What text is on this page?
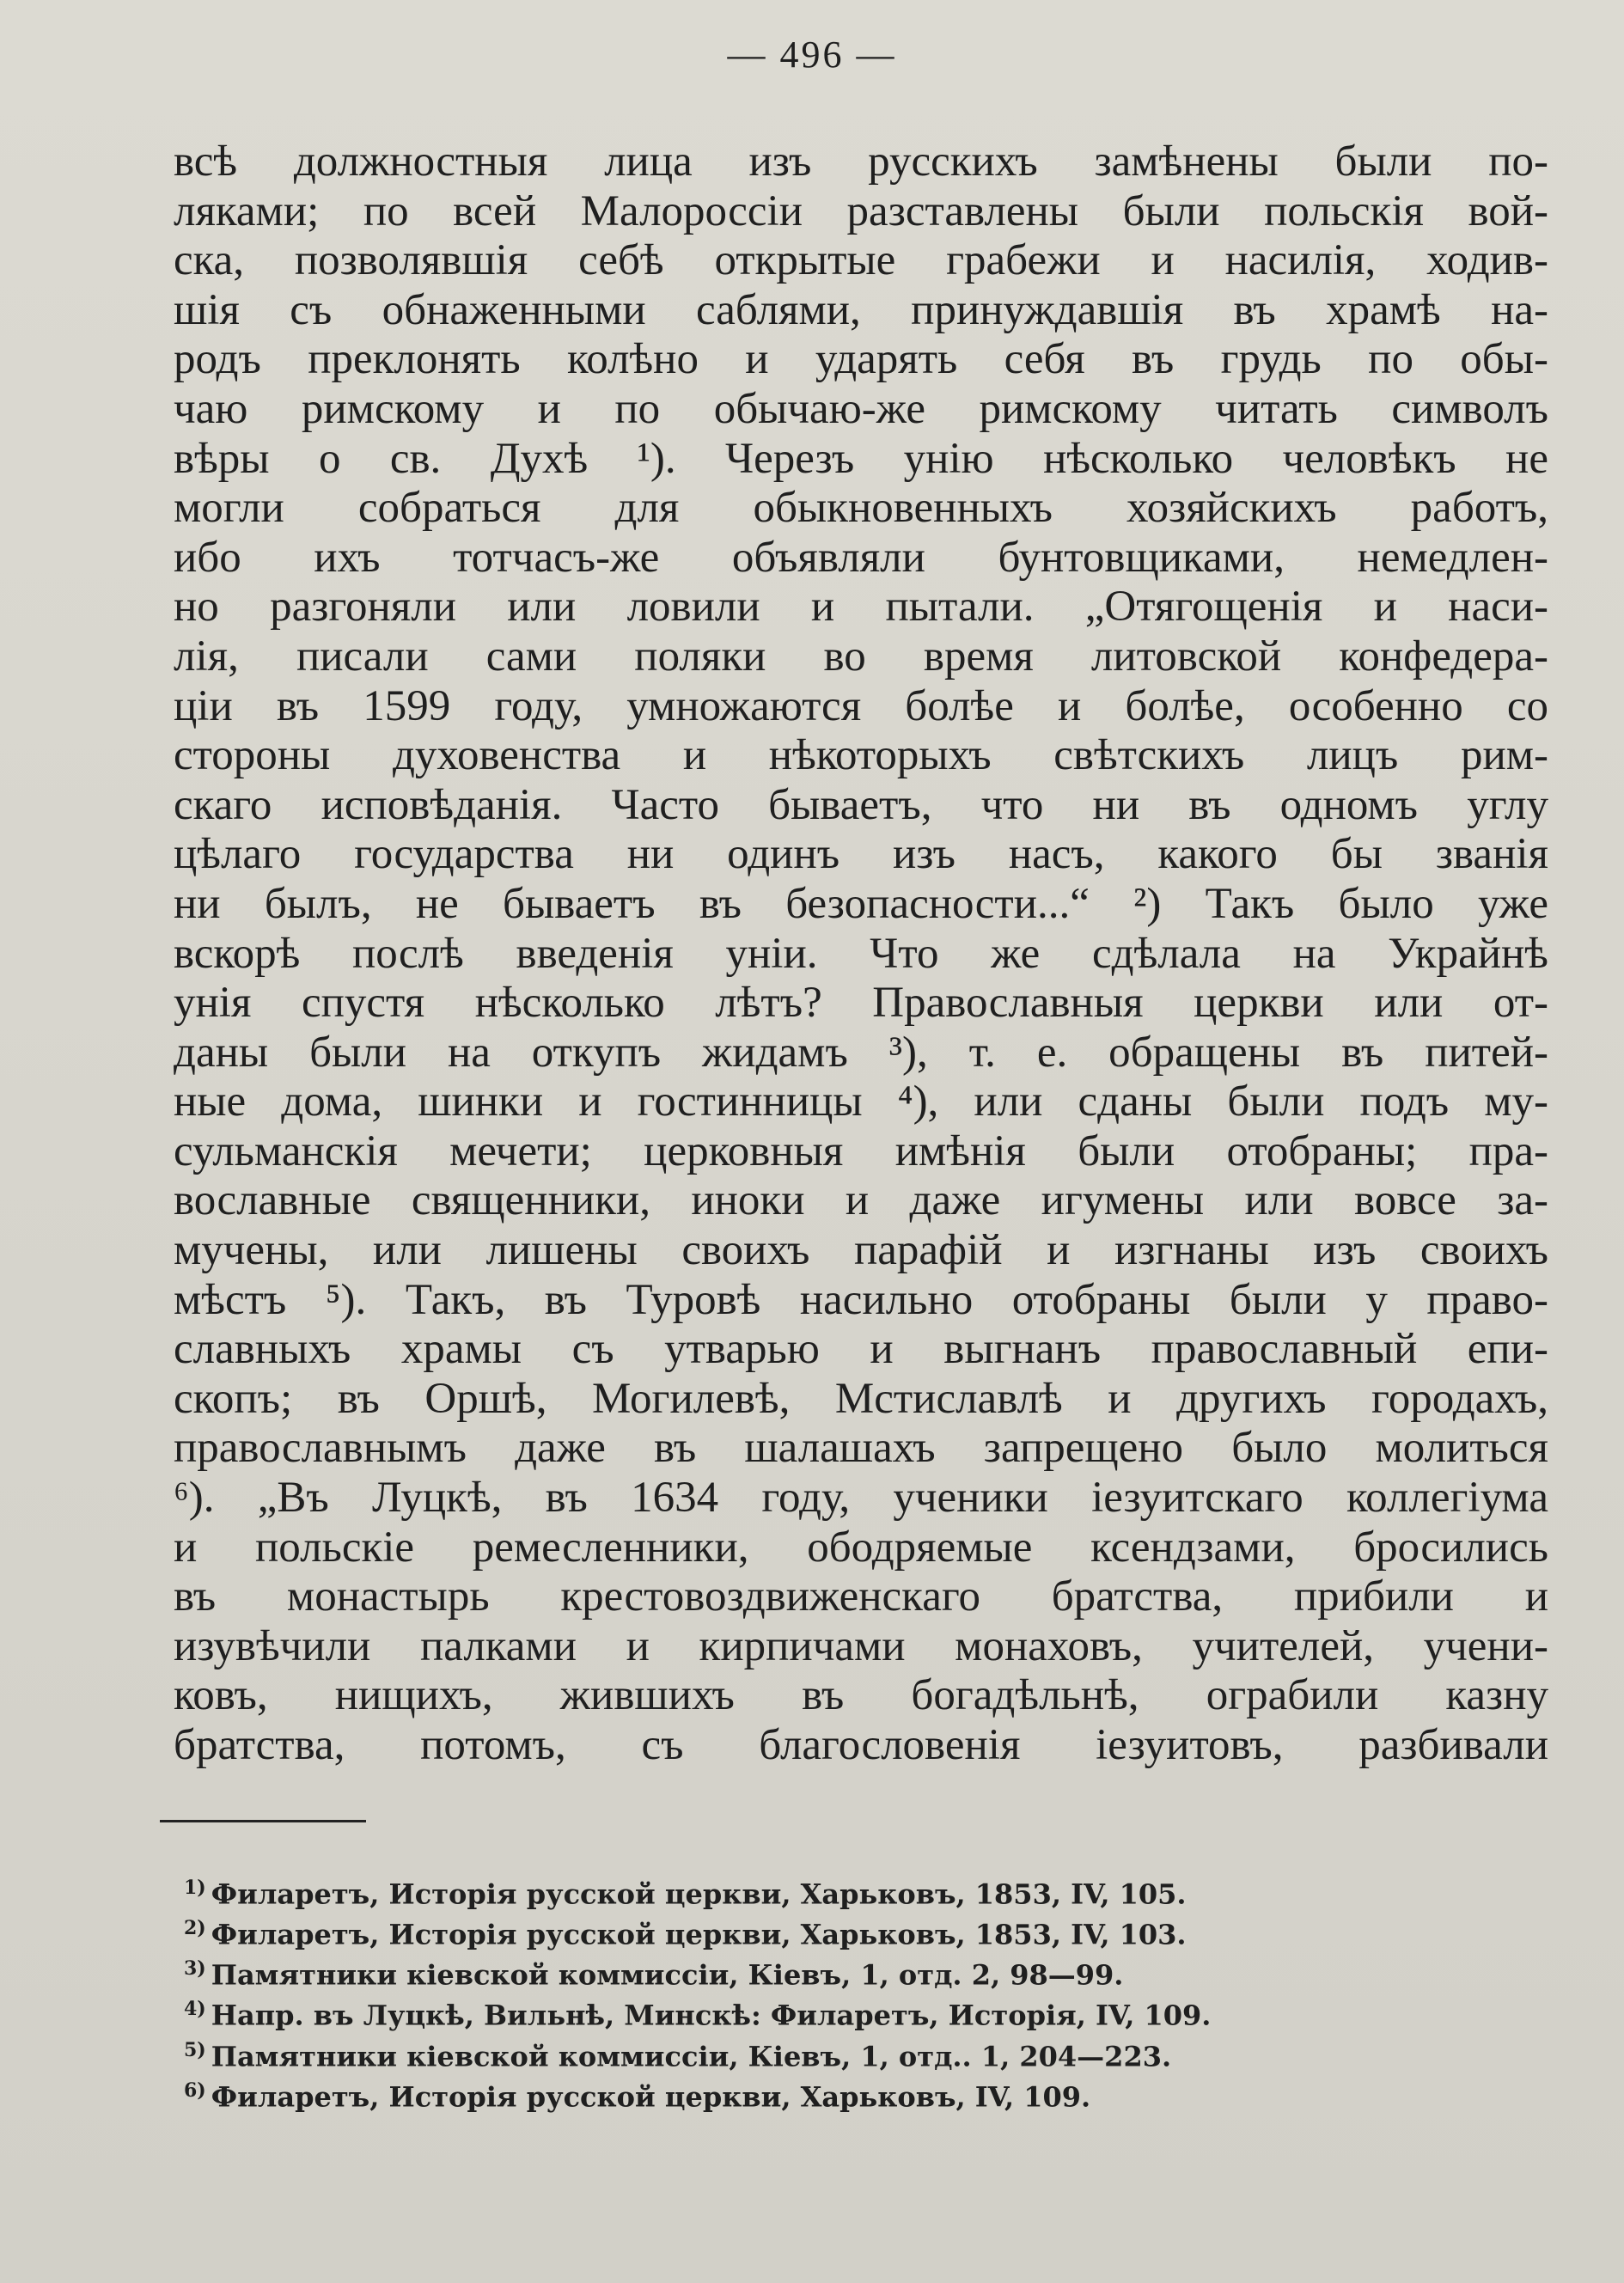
— 496 —
всѣ должностныя лица изъ русскихъ замѣнены были по-
ляками; по всей Малороссіи разставлены были польскія вой-
ска, позволявшія себѣ открытые грабежи и насилія, ходив-
шія съ обнаженными саблями, принуждавшія въ храмѣ на-
родъ преклонять колѣно и ударять себя въ грудь по обы-
чаю римскому и по обычаю-же римскому читать символъ
вѣры о св. Духѣ ¹). Черезъ унію нѣсколько человѣкъ не
могли собраться для обыкновенныхъ хозяйскихъ работъ,
ибо ихъ тотчасъ-же объявляли бунтовщиками, немедлен-
но разгоняли или ловили и пытали. „Отягощенія и наси-
лія, писали сами поляки во время литовской конфедера-
ціи въ 1599 году, умножаются болѣе и болѣе, особенно со
стороны духовенства и нѣкоторыхъ свѣтскихъ лицъ рим-
скаго исповѣданія. Часто бываетъ, что ни въ одномъ углу
цѣлаго государства ни одинъ изъ насъ, какого бы званія
ни былъ, не бываетъ въ безопасности...“ ²) Такъ было уже
вскорѣ послѣ введенія уніи. Что же сдѣлала на Украйнѣ
унія спустя нѣсколько лѣтъ? Православныя церкви или от-
даны были на откупъ жидамъ ³), т. е. обращены въ питей-
ные дома, шинки и гостинницы ⁴), или сданы были подъ му-
сульманскія мечети; церковныя имѣнія были отобраны; пра-
вославные священники, иноки и даже игумены или вовсе за-
мучены, или лишены своихъ парафій и изгнаны изъ своихъ
мѣстъ ⁵). Такъ, въ Туровѣ насильно отобраны были у право-
славныхъ храмы съ утварью и выгнанъ православный епи-
скопъ; въ Оршѣ, Могилевѣ, Мстиславлѣ и другихъ городахъ,
православнымъ даже въ шалашахъ запрещено было молиться
⁶). „Въ Луцкѣ, въ 1634 году, ученики іезуитскаго коллегіума
и польскіе ремесленники, ободряемые ксендзами, бросились
въ монастырь крестовоздвиженскаго братства, прибили и
изувѣчили палками и кирпичами монаховъ, учителей, учени-
ковъ, нищихъ, жившихъ въ богадѣльнѣ, ограбили казну
братства, потомъ, съ благословенія іезуитовъ, разбивали
$^{1)}$ Филаретъ, Исторія русской церкви, Харьковъ, 1853, IV, 105.
$^{2)}$ Филаретъ, Исторія русской церкви, Харьковъ, 1853, IV, 103.
$^{3)}$ Памятники кіевской коммиссіи, Кіевъ, 1, отд. 2, 98—99.
$^{4)}$ Напр. въ Луцкѣ, Вильнѣ, Минскѣ: Филаретъ, Исторія, IV, 109.
$^{5)}$ Памятники кіевской коммиссіи, Кіевъ, 1, отд.. 1, 204—223.
$^{6)}$ Филаретъ, Исторія русской церкви, Харьковъ, IV, 109.
